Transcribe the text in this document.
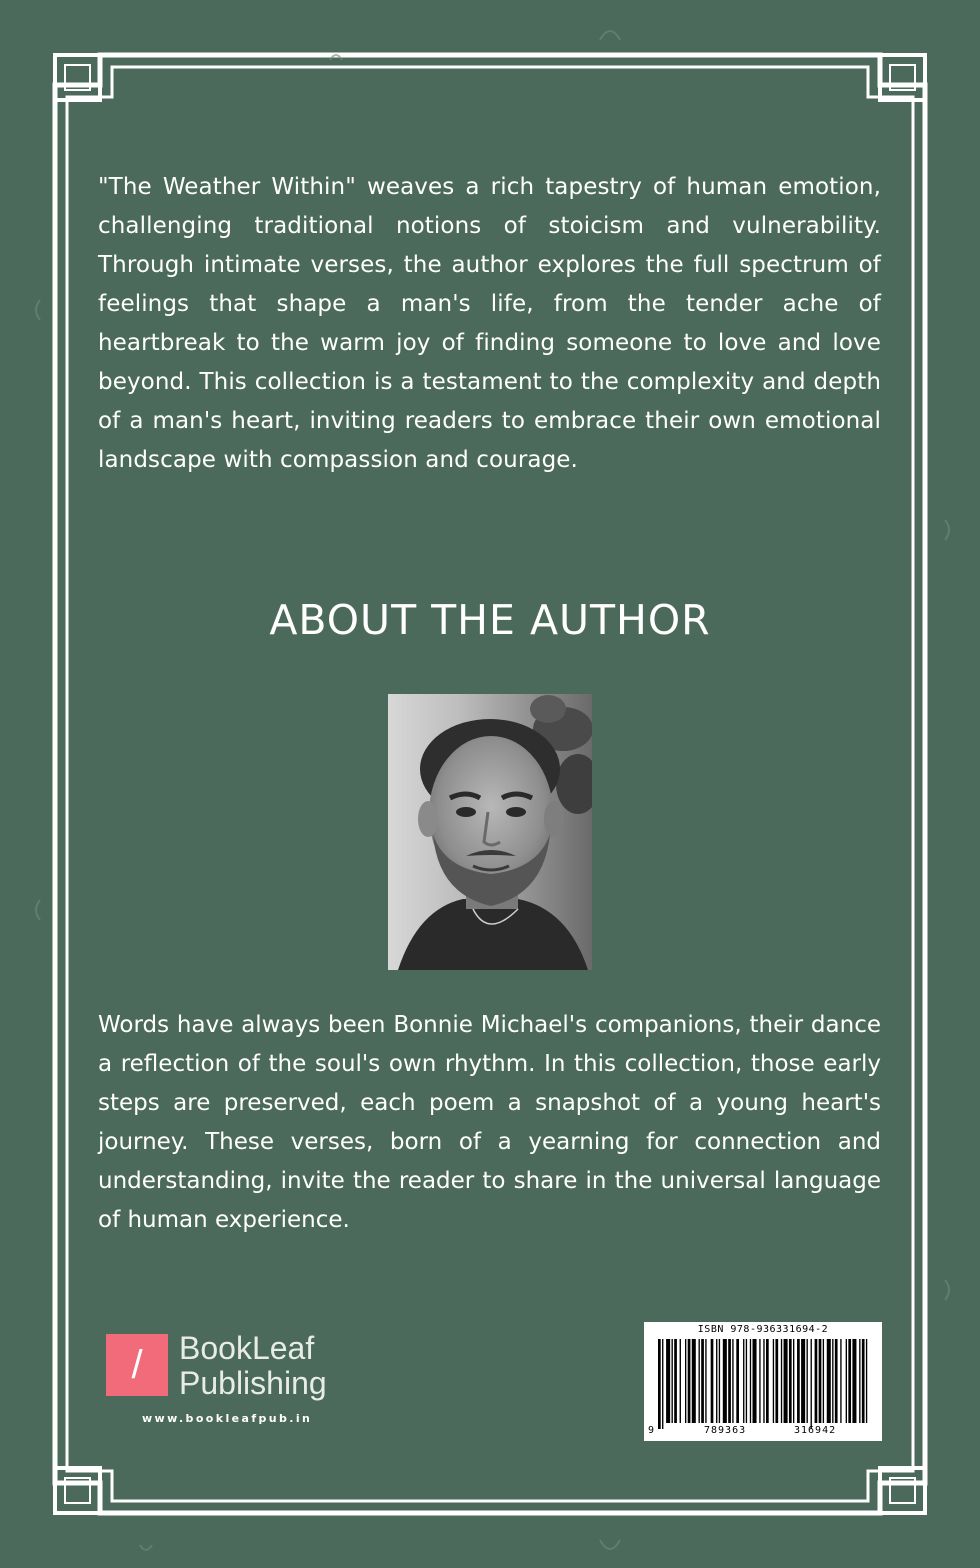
"The Weather Within" weaves a rich tapestry of human emotion, challenging traditional notions of stoicism and vulnerability. Through intimate verses, the author explores the full spectrum of feelings that shape a man's life, from the tender ache of heartbreak to the warm joy of finding someone to love and love beyond. This collection is a testament to the complexity and depth of a man's heart, inviting readers to embrace their own emotional landscape with compassion and courage.

ABOUT THE AUTHOR

Words have always been Bonnie Michael's companions, their dance a reflection of the soul's own rhythm. In this collection, those early steps are preserved, each poem a snapshot of a young heart's journey. These verses, born of a yearning for connection and understanding, invite the reader to share in the universal language of human experience.

/	BookLeaf
Publishing
www.bookleafpub.in
ISBN 978-936331694-2
9	789363	316942
